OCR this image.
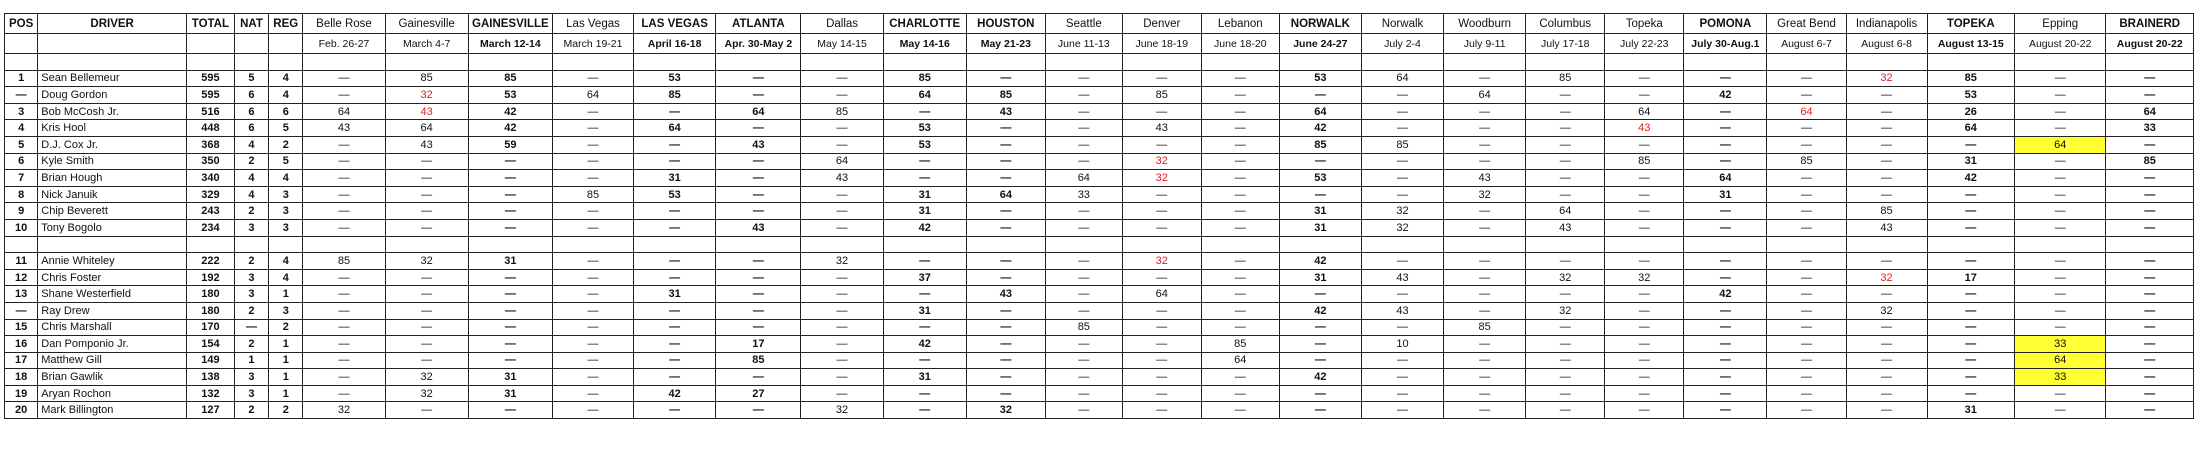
POS	DRIVER	TOTAL	NAT	REG	Belle Rose	Gainesville	GAINESVILLE	Las Vegas	LAS VEGAS	ATLANTA	Dallas	CHARLOTTE	HOUSTON	Seattle	Denver	Lebanon	NORWALK	Norwalk	Woodburn	Columbus	Topeka	POMONA	Great Bend	Indianapolis	TOPEKA	Epping	BRAINERD
					Feb. 26-27	March 4-7	March 12-14	March 19-21	April 16-18	Apr. 30-May 2	May 14-15	May 14-16	May 21-23	June 11-13	June 18-19	June 18-20	June 24-27	July 2-4	July 9-11	July 17-18	July 22-23	July 30-Aug.1	August 6-7	August 6-8	August 13-15	August 20-22	August 20-22

1	Sean Bellemeur	595	5	4	—	85	85	—	53	—	—	85	—	—	—	—	53	64	—	85	—	—	—	32	85	—	—
—	Doug Gordon	595	6	4	—	32	53	64	85	—	—	64	85	—	85	—	—	—	64	—	—	42	—	—	53	—	—
3	Bob McCosh Jr.	516	6	6	64	43	42	—	—	64	85	—	43	—	—	—	64	—	—	—	64	—	64	—	26	—	64
4	Kris Hool	448	6	5	43	64	42	—	64	—	—	53	—	—	43	—	42	—	—	—	43	—	—	—	64	—	33
5	D.J. Cox Jr.	368	4	2	—	43	59	—	—	43	—	53	—	—	—	—	85	85	—	—	—	—	—	—	—	64	—
6	Kyle Smith	350	2	5	—	—	—	—	—	—	64	—	—	—	32	—	—	—	—	—	85	—	85	—	31	—	85
7	Brian Hough	340	4	4	—	—	—	—	31	—	43	—	—	64	32	—	53	—	43	—	—	64	—	—	42	—	—
8	Nick Januik	329	4	3	—	—	—	85	53	—	—	31	64	33	—	—	—	—	32	—	—	31	—	—	—	—	—
9	Chip Beverett	243	2	3	—	—	—	—	—	—	—	31	—	—	—	—	31	32	—	64	—	—	—	85	—	—	—
10	Tony Bogolo	234	3	3	—	—	—	—	—	43	—	42	—	—	—	—	31	32	—	43	—	—	—	43	—	—	—

11	Annie Whiteley	222	2	4	85	32	31	—	—	—	32	—	—	—	32	—	42	—	—	—	—	—	—	—	—	—	—
12	Chris Foster	192	3	4	—	—	—	—	—	—	—	37	—	—	—	—	31	43	—	32	32	—	—	32	17	—	—
13	Shane Westerfield	180	3	1	—	—	—	—	31	—	—	—	43	—	64	—	—	—	—	—	—	42	—	—	—	—	—
—	Ray Drew	180	2	3	—	—	—	—	—	—	—	31	—	—	—	—	42	43	—	32	—	—	—	32	—	—	—
15	Chris Marshall	170	—	2	—	—	—	—	—	—	—	—	—	85	—	—	—	—	85	—	—	—	—	—	—	—	—
16	Dan Pomponio Jr.	154	2	1	—	—	—	—	—	17	—	42	—	—	—	85	—	10	—	—	—	—	—	—	—	33	—
17	Matthew Gill	149	1	1	—	—	—	—	—	85	—	—	—	—	—	64	—	—	—	—	—	—	—	—	—	64	—
18	Brian Gawlik	138	3	1	—	32	31	—	—	—	—	31	—	—	—	—	42	—	—	—	—	—	—	—	—	33	—
19	Aryan Rochon	132	3	1	—	32	31	—	42	27	—	—	—	—	—	—	—	—	—	—	—	—	—	—	—	—	—
20	Mark Billington	127	2	2	32	—	—	—	—	—	32	—	32	—	—	—	—	—	—	—	—	—	—	—	31	—	—
